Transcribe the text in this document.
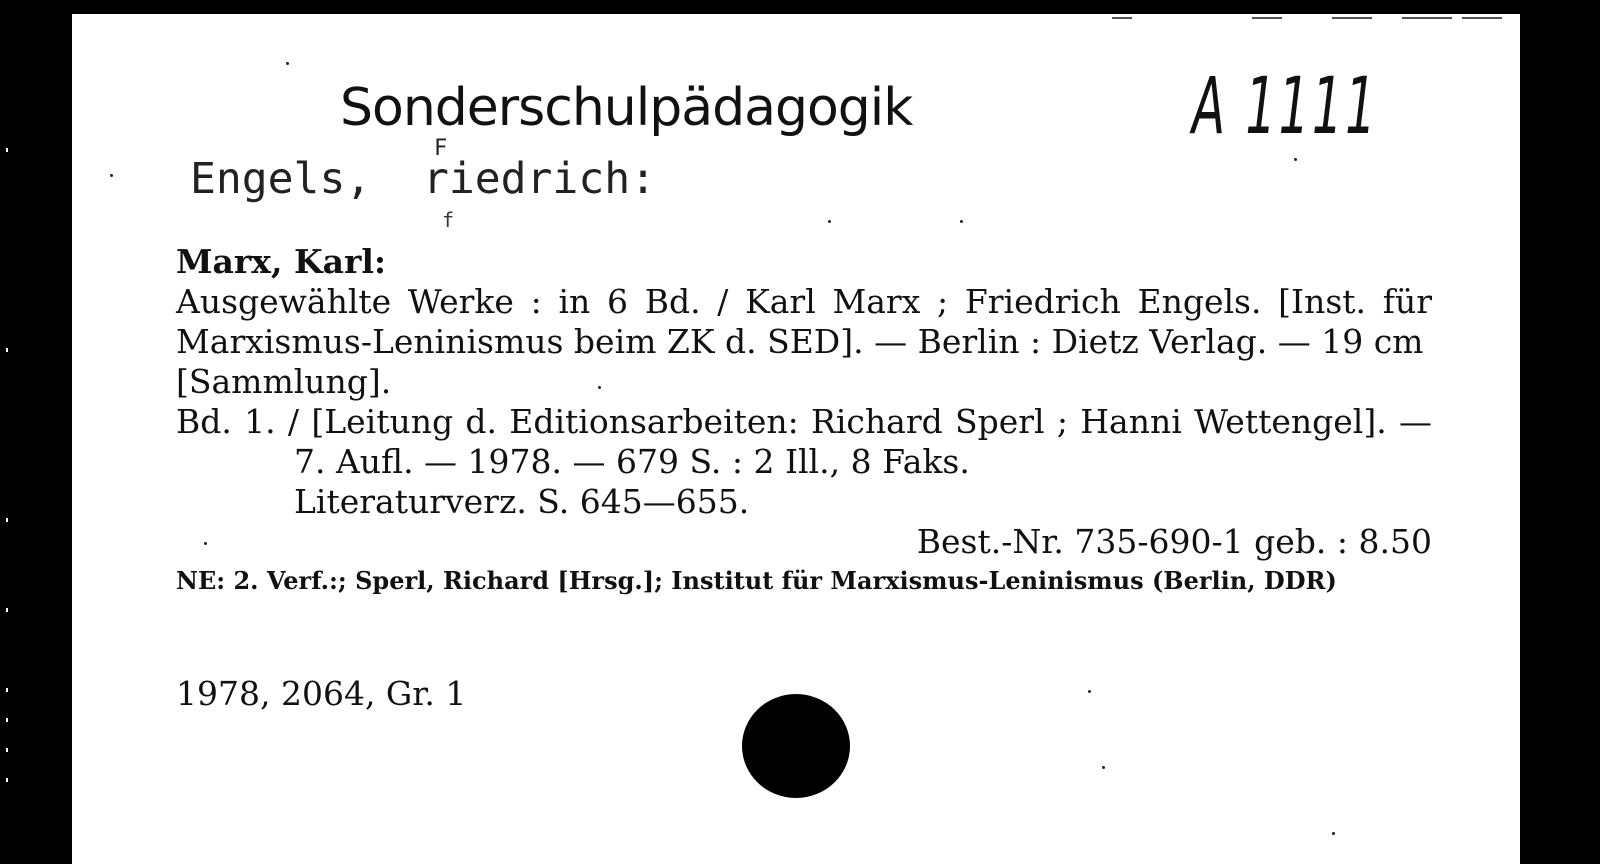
Sonderschulpädagogik	A 1111
F
Engels,  riedrich:
f

Marx, Karl:

Ausgewählte Werke : in 6 Bd. / Karl Marx ; Friedrich Engels. [Inst. für Marxismus-Leninismus beim ZK d. SED]. — Berlin : Dietz Verlag. — 19 cm

[Sammlung].

Bd. 1. / [Leitung d. Editionsarbeiten: Richard Sperl ; Hanni Wettengel]. — 7. Aufl. — 1978. — 679 S. : 2 Ill., 8 Faks.

Literaturverz. S. 645—655.

Best.-Nr. 735-690-1 geb. : 8.50

NE: 2. Verf.:; Sperl, Richard [Hrsg.]; Institut für Marxismus-Leninismus (Berlin, DDR)

1978, 2064, Gr. 1
